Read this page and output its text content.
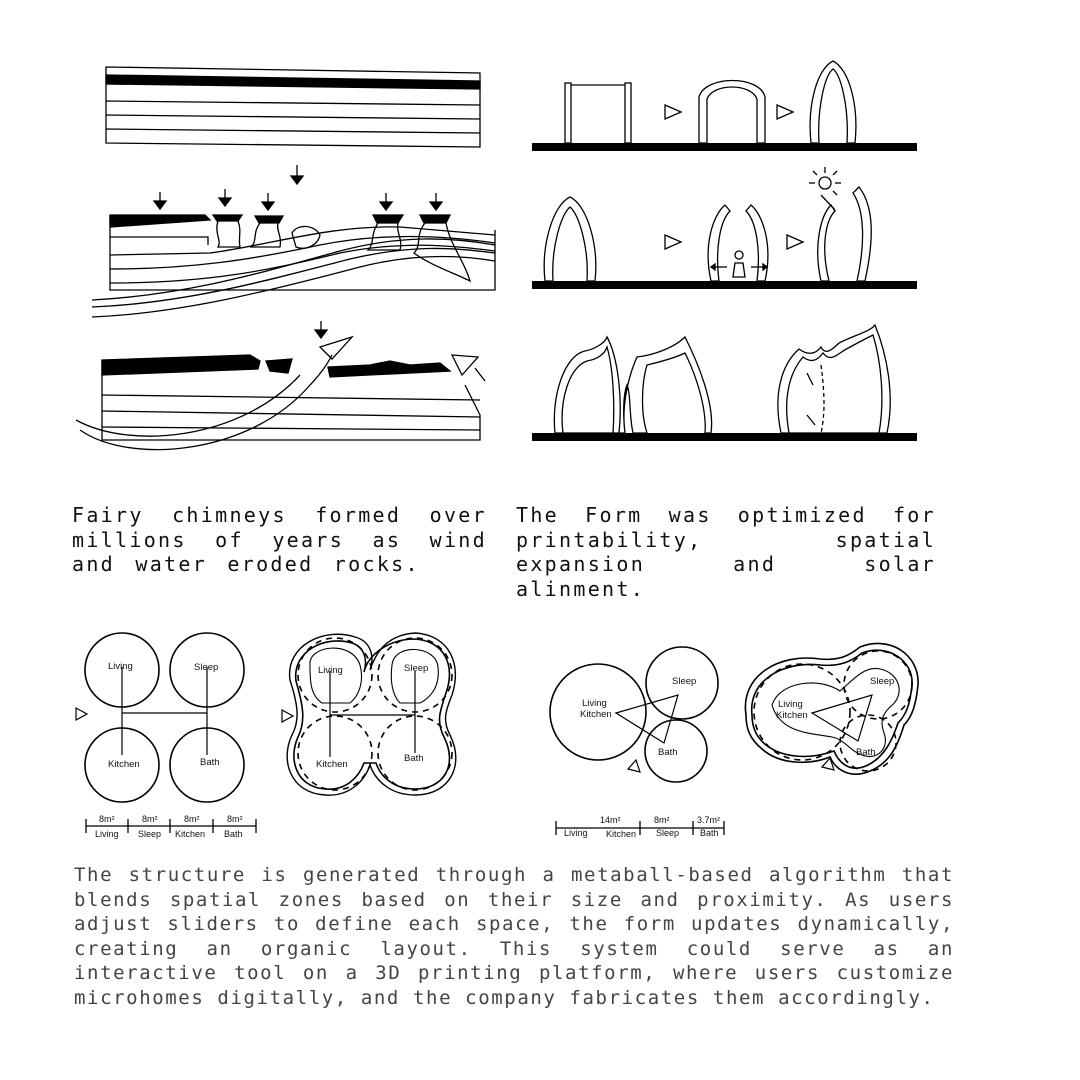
Fairy chimneys formed over millions of years as wind and water eroded rocks.
The Form was optimized for printability, spatial expansion and solar alinment.
Living	Sleep
Kitchen	Bath
Living	Sleep
Kitchen
Bath
8m²	8m²	8m²	8m²
Living Sleep Kitchen Bath
Living
Kitchen
Sleep
Bath
Living
Kitchen
Sleep
Bath
14m²	8m²	3.7m²
Living Kitchen Sleep Bath
The structure is generated through a metaball-based algorithm that blends spatial zones based on their size and proximity. As users adjust sliders to define each space, the form updates dynamically, creating an organic layout. This system could serve as an interactive tool on a 3D printing platform, where users customize microhomes digitally, and the company fabricates them accordingly.
